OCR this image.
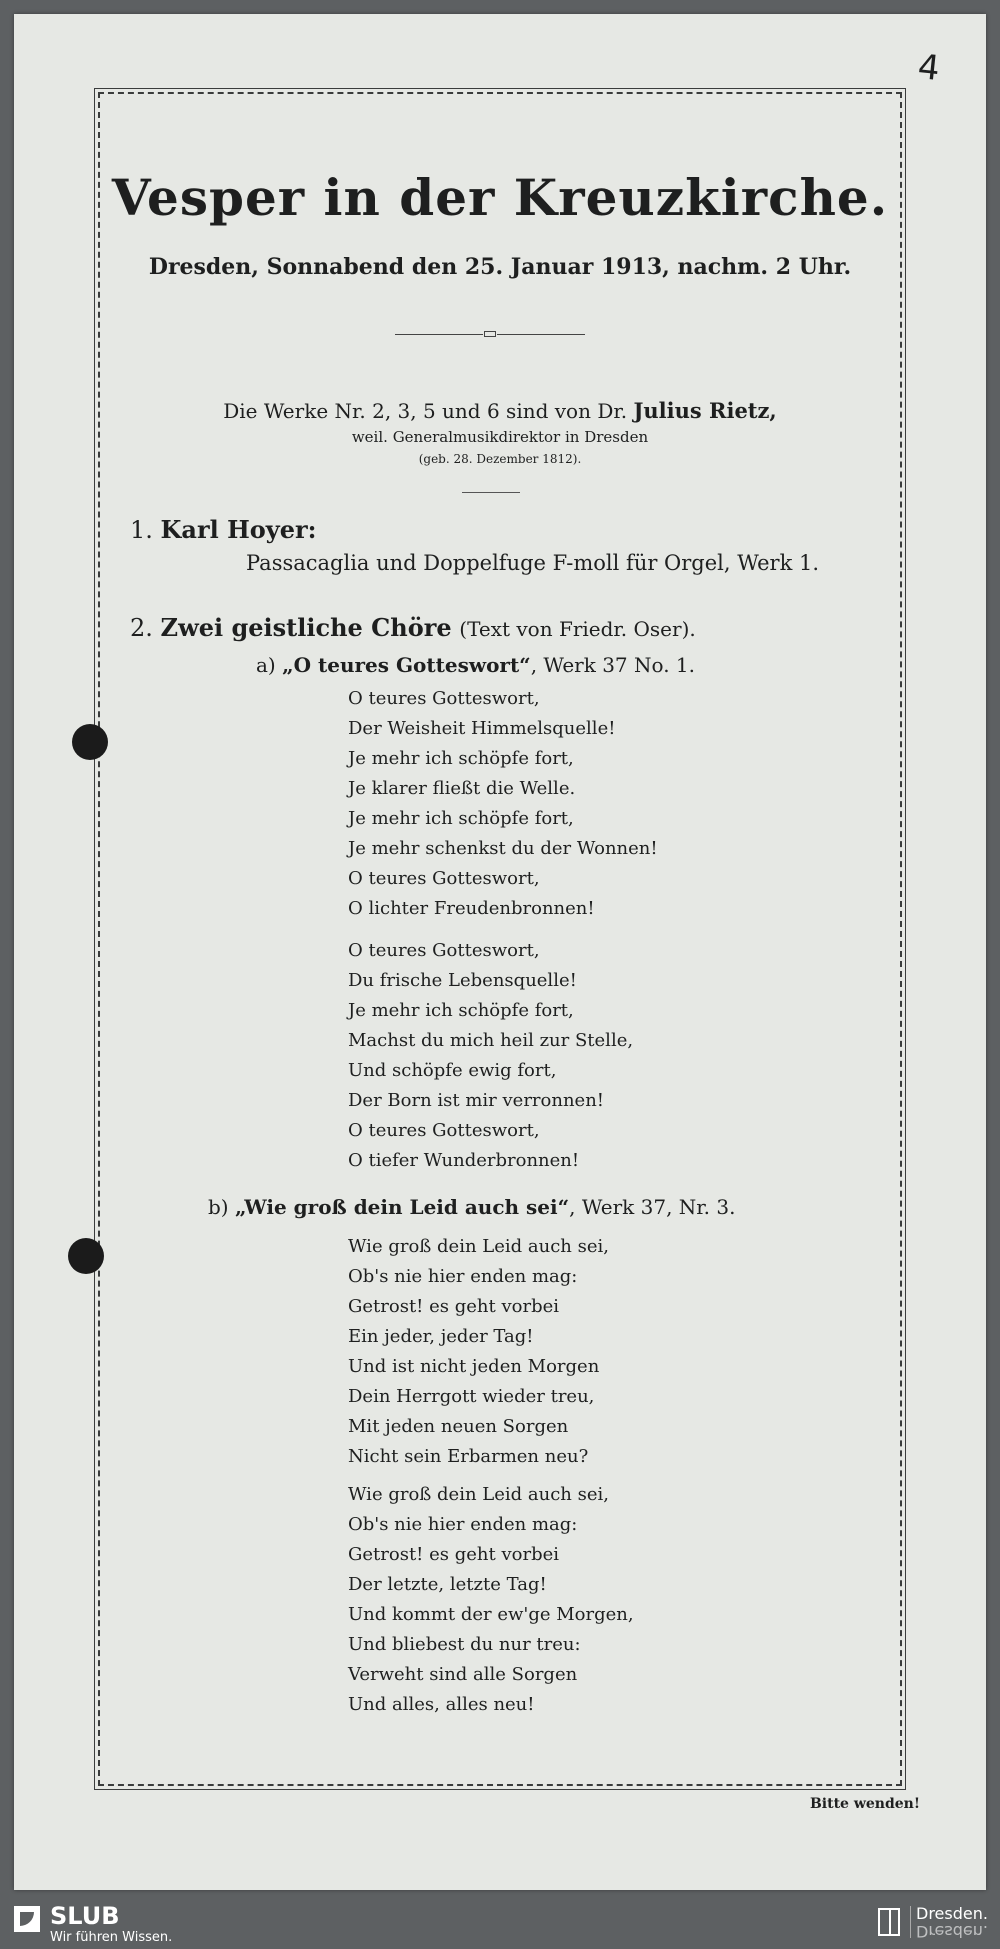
4
Vesper in der Kreuzkirche.
Dresden, Sonnabend den 25. Januar 1913, nachm. 2 Uhr.
Die Werke Nr. 2, 3, 5 und 6 sind von Dr. Julius Rietz,
weil. Generalmusikdirektor in Dresden
(geb. 28. Dezember 1812).
1. Karl Hoyer:
Passacaglia und Doppelfuge F-moll für Orgel, Werk 1.
2. Zwei geistliche Chöre (Text von Friedr. Oser).
a) „O teures Gotteswort“, Werk 37 No. 1.
O teures Gotteswort,
Der Weisheit Himmelsquelle!
Je mehr ich schöpfe fort,
Je klarer fließt die Welle.
Je mehr ich schöpfe fort,
Je mehr schenkst du der Wonnen!
O teures Gotteswort,
O lichter Freudenbronnen!
O teures Gotteswort,
Du frische Lebensquelle!
Je mehr ich schöpfe fort,
Machst du mich heil zur Stelle,
Und schöpfe ewig fort,
Der Born ist mir verronnen!
O teures Gotteswort,
O tiefer Wunderbronnen!
b) „Wie groß dein Leid auch sei“, Werk 37, Nr. 3.
Wie groß dein Leid auch sei,
Ob's nie hier enden mag:
Getrost! es geht vorbei
Ein jeder, jeder Tag!
Und ist nicht jeden Morgen
Dein Herrgott wieder treu,
Mit jeden neuen Sorgen
Nicht sein Erbarmen neu?
Wie groß dein Leid auch sei,
Ob's nie hier enden mag:
Getrost! es geht vorbei
Der letzte, letzte Tag!
Und kommt der ew'ge Morgen,
Und bliebest du nur treu:
Verweht sind alle Sorgen
Und alles, alles neu!
Bitte wenden!
SLUB
Wir führen Wissen.
Dresden.
Dresden.
